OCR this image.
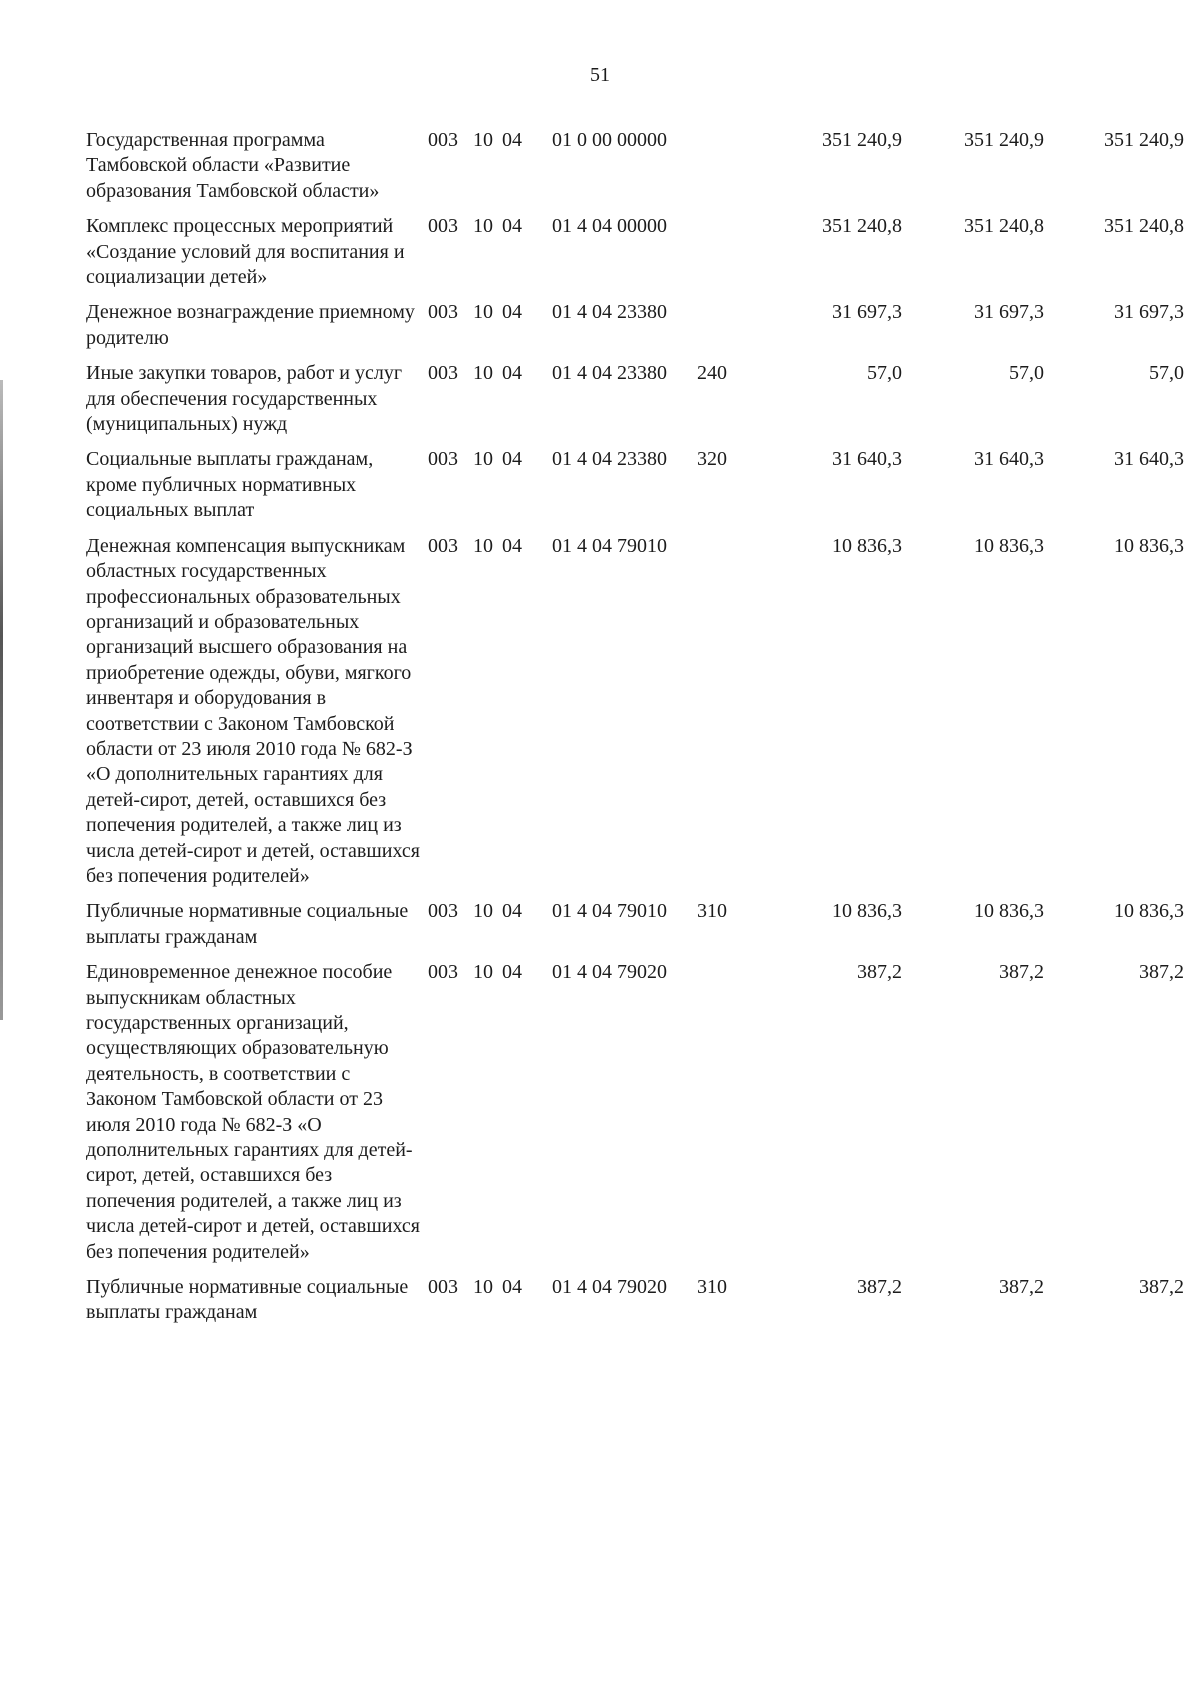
51
Государственная программа Тамбовской области «Развитие образования Тамбовской области»	003	10	04	01 0 00 00000		351 240,9	351 240,9	351 240,9
Комплекс процессных мероприятий «Создание условий для воспитания и социализации детей»	003	10	04	01 4 04 00000		351 240,8	351 240,8	351 240,8
Денежное вознаграждение приемному родителю	003	10	04	01 4 04 23380		31 697,3	31 697,3	31 697,3
Иные закупки товаров, работ и услуг для обеспечения государственных (муниципальных) нужд	003	10	04	01 4 04 23380	240	57,0	57,0	57,0
Социальные выплаты гражданам, кроме публичных нормативных социальных выплат	003	10	04	01 4 04 23380	320	31 640,3	31 640,3	31 640,3
Денежная компенсация выпускникам областных государственных профессиональных образовательных организаций и образовательных организаций высшего образования на приобретение одежды, обуви, мягкого инвентаря и оборудования в соответствии с Законом Тамбовской области от 23 июля 2010 года № 682-З «О дополнительных гарантиях для детей-сирот, детей, оставшихся без попечения родителей, а также лиц из числа детей-сирот и детей, оставшихся без попечения родителей»	003	10	04	01 4 04 79010		10 836,3	10 836,3	10 836,3
Публичные нормативные социальные выплаты гражданам	003	10	04	01 4 04 79010	310	10 836,3	10 836,3	10 836,3
Единовременное денежное пособие выпускникам областных государственных организаций, осуществляющих образовательную деятельность, в соответствии с Законом Тамбовской области от 23 июля 2010 года № 682-З «О дополнительных гарантиях для детей-сирот, детей, оставшихся без попечения родителей, а также лиц из числа детей-сирот и детей, оставшихся без попечения родителей»	003	10	04	01 4 04 79020		387,2	387,2	387,2
Публичные нормативные социальные выплаты гражданам	003	10	04	01 4 04 79020	310	387,2	387,2	387,2
